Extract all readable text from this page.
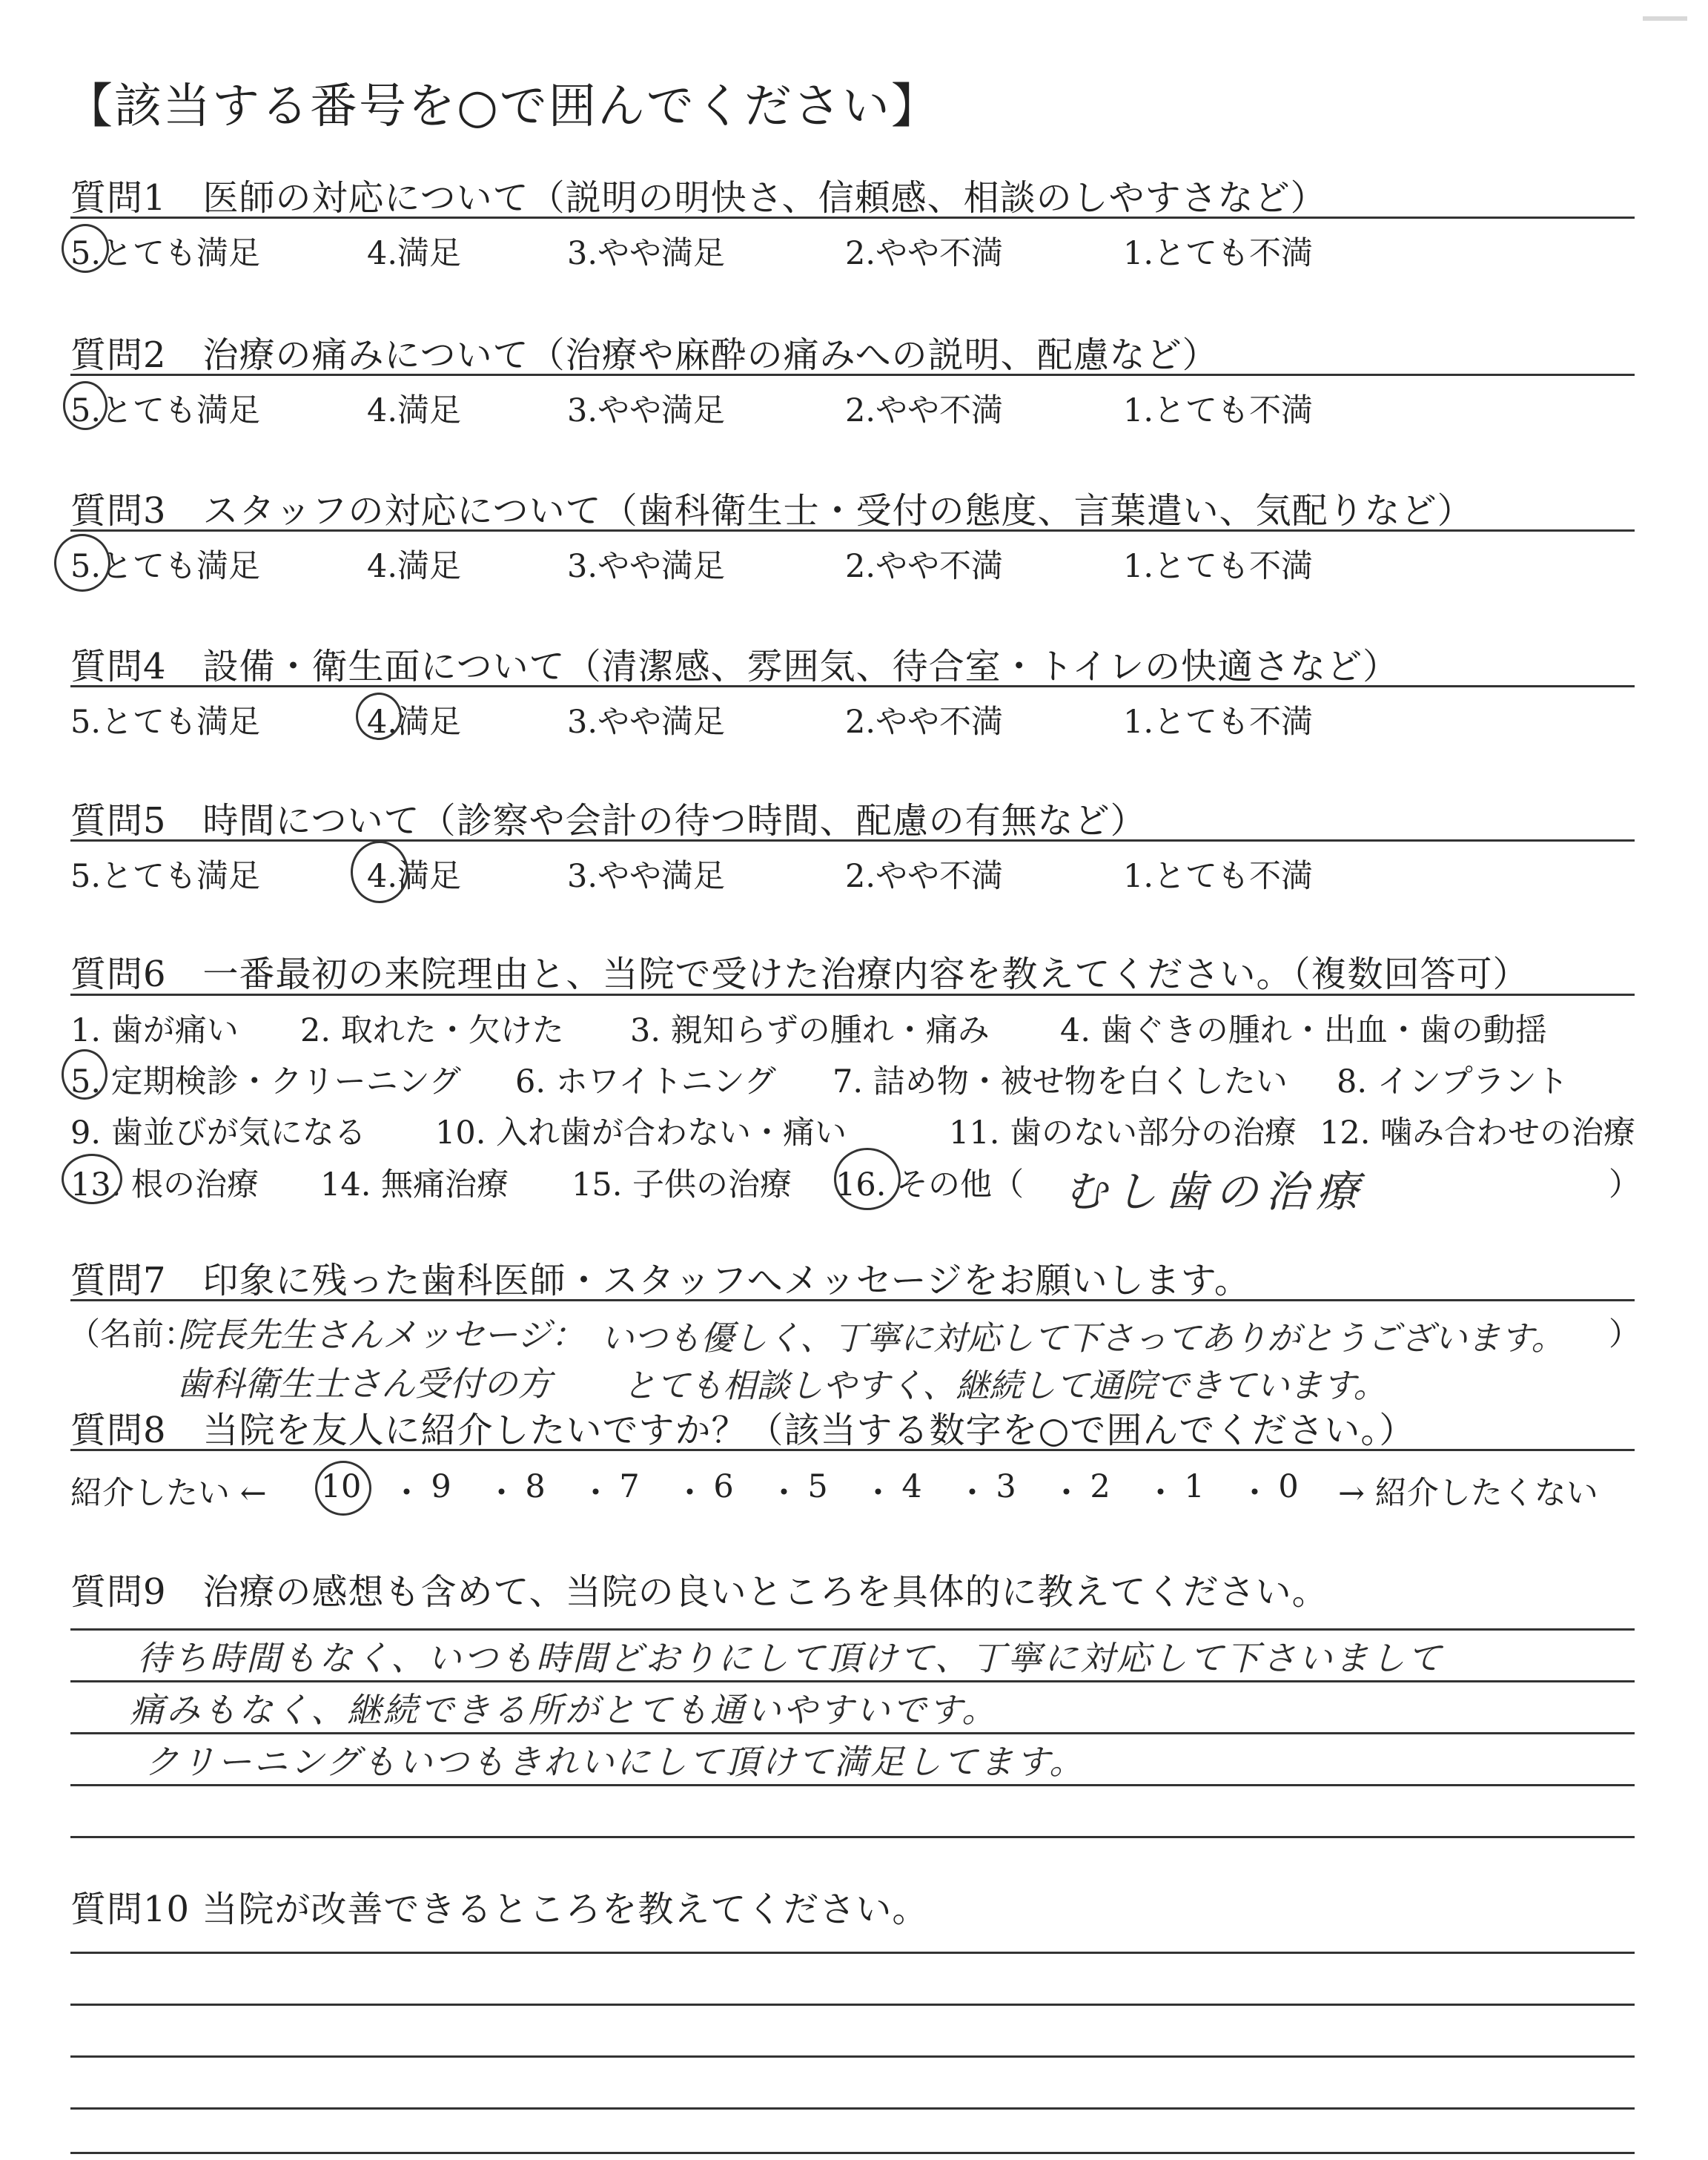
【該当する番号を○で囲んでください】
質問1　医師の対応について（説明の明快さ、信頼感、相談のしやすさなど）
5.とても満足	4.満足	3.やや満足	2.やや不満	1.とても不満
質問2　治療の痛みについて（治療や麻酔の痛みへの説明、配慮など）
5.とても満足	4.満足	3.やや満足	2.やや不満	1.とても不満
質問3　スタッフの対応について（歯科衛生士・受付の態度、言葉遣い、気配りなど）
5.とても満足	4.満足	3.やや満足	2.やや不満	1.とても不満
質問4　設備・衛生面について（清潔感、雰囲気、待合室・トイレの快適さなど）
5.とても満足	4.満足	3.やや満足	2.やや不満	1.とても不満
質問5　時間について（診察や会計の待つ時間、配慮の有無など）
5.とても満足	4.満足	3.やや満足	2.やや不満	1.とても不満
質問6　一番最初の来院理由と、当院で受けた治療内容を教えてください。（複数回答可）
1. 歯が痛い 2. 取れた・欠けた 3. 親知らずの腫れ・痛み 4. 歯ぐきの腫れ・出血・歯の動揺
5. 定期検診・クリーニング 6. ホワイトニング 7. 詰め物・被せ物を白くしたい 8. インプラント
9. 歯並びが気になる 10. 入れ歯が合わない・痛い	11. 歯のない部分の治療 12. 噛み合わせの治療
13. 根の治療 14. 無痛治療 15. 子供の治療 16. その他（	）
むし歯の治療
質問7　印象に残った歯科医師・スタッフへメッセージをお願いします。
（名前：	）
院長先生さんメッセージ： いつも優しく、丁寧に対応して下さってありがとうございます。
歯科衛生士さん受付の方 とても相談しやすく、継続して通院できています。
質問8　当院を友人に紹介したいですか？（該当する数字を○で囲んでください。）
紹介したい ← 10 ・ 9	・ 8	・ 7	・ 6	・ 5	・ 4	・ 3	・ 2	・ 1	・ 0	→ 紹介したくない
質問9　治療の感想も含めて、当院の良いところを具体的に教えてください。
待ち時間もなく、いつも時間どおりにして頂けて、丁寧に対応して下さいまして
痛みもなく、継続できる所がとても通いやすいです。
クリーニングもいつもきれいにして頂けて満足してます。
質問10 当院が改善できるところを教えてください。
